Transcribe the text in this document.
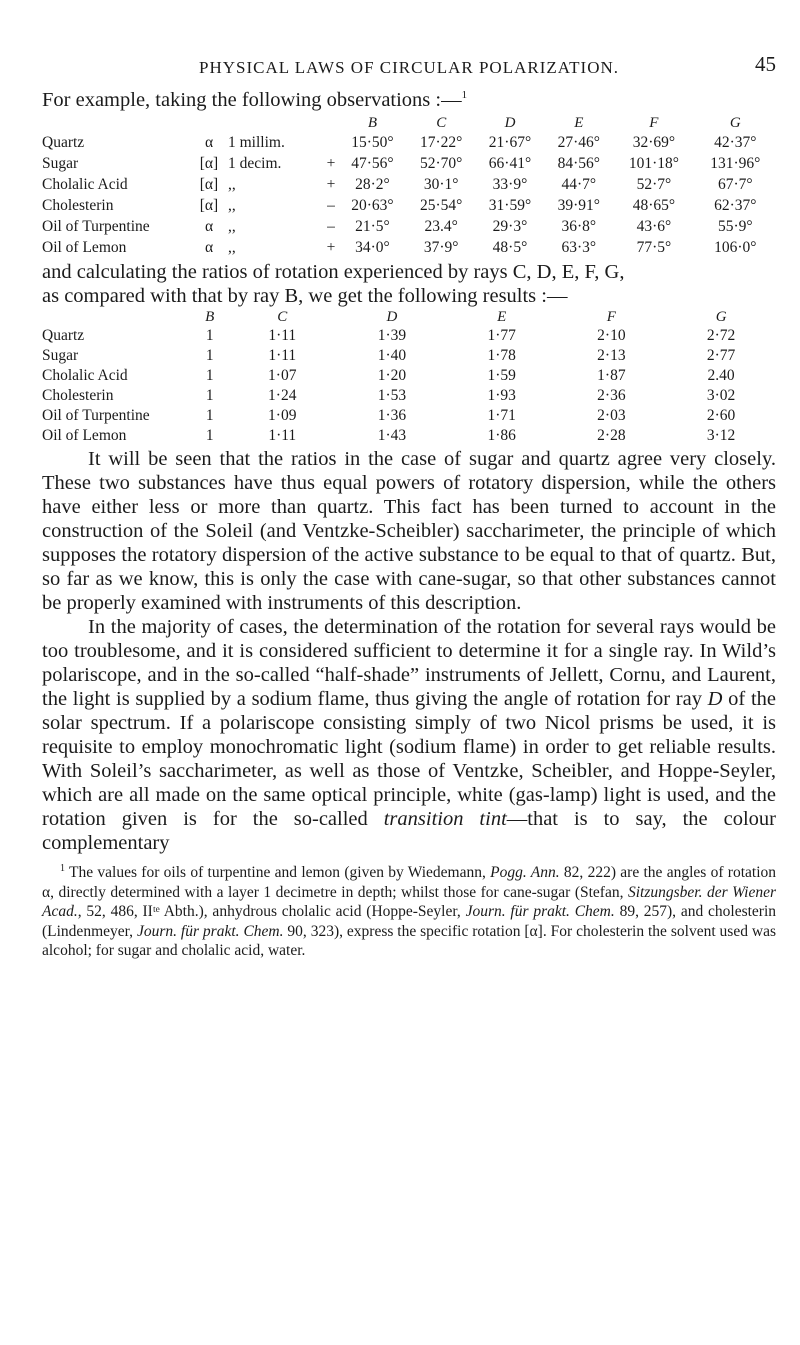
PHYSICAL LAWS OF CIRCULAR POLARIZATION.	45

For example, taking the following observations :—$^1$

				B	C	D	E	F	G
Quartz	α	1 millim.		15·50°	17·22°	21·67°	27·46°	32·69°	42·37°
Sugar	[α]	1 decim.	+	47·56°	52·70°	66·41°	84·56°	101·18°	131·96°
Cholalic Acid	[α]	,,	+	28·2°	30·1°	33·9°	44·7°	52·7°	67·7°
Cholesterin	[α]	,,	–	20·63°	25·54°	31·59°	39·91°	48·65°	62·37°
Oil of Turpentine	α	,,	–	21·5°	23.4°	29·3°	36·8°	43·6°	55·9°
Oil of Lemon	α	,,	+	34·0°	37·9°	48·5°	63·3°	77·5°	106·0°

and calculating the ratios of rotation experienced by rays C, D, E, F, G,
as compared with that by ray B, we get the following results :—

	B	C	D	E	F	G
Quartz	1	1·11	1·39	1·77	2·10	2·72
Sugar	1	1·11	1·40	1·78	2·13	2·77
Cholalic Acid	1	1·07	1·20	1·59	1·87	2.40
Cholesterin	1	1·24	1·53	1·93	2·36	3·02
Oil of Turpentine	1	1·09	1·36	1·71	2·03	2·60
Oil of Lemon	1	1·11	1·43	1·86	2·28	3·12

It will be seen that the ratios in the case of sugar and quartz agree very closely. These two substances have thus equal powers of rotatory dispersion, while the others have either less or more than quartz. This fact has been turned to account in the construction of the Soleil (and Ventzke-Scheibler) saccharimeter, the principle of which supposes the rotatory dispersion of the active substance to be equal to that of quartz. But, so far as we know, this is only the case with cane-sugar, so that other substances cannot be properly examined with instruments of this description.

In the majority of cases, the determination of the rotation for several rays would be too troublesome, and it is considered sufficient to determine it for a single ray. In Wild’s polariscope, and in the so-called “half-shade” instruments of Jellett, Cornu, and Laurent, the light is supplied by a sodium flame, thus giving the angle of rotation for ray D of the solar spectrum. If a polariscope consisting simply of two Nicol prisms be used, it is requisite to employ monochromatic light (sodium flame) in order to get reliable results. With Soleil’s saccharimeter, as well as those of Ventzke, Scheibler, and Hoppe-Seyler, which are all made on the same optical principle, white (gas-lamp) light is used, and the rotation given is for the so-called transition tint—that is to say, the colour complementary

$^1$ The values for oils of turpentine and lemon (given by Wiedemann, Pogg. Ann. 82, 222) are the angles of rotation α, directly determined with a layer 1 decimetre in depth; whilst those for cane-sugar (Stefan, Sitzungsber. der Wiener Acad., 52, 486, IIᵗᵉ Abth.), anhydrous cholalic acid (Hoppe-Seyler, Journ. für prakt. Chem. 89, 257), and cholesterin (Lindenmeyer, Journ. für prakt. Chem. 90, 323), express the specific rotation [α]. For cholesterin the solvent used was alcohol; for sugar and cholalic acid, water.
